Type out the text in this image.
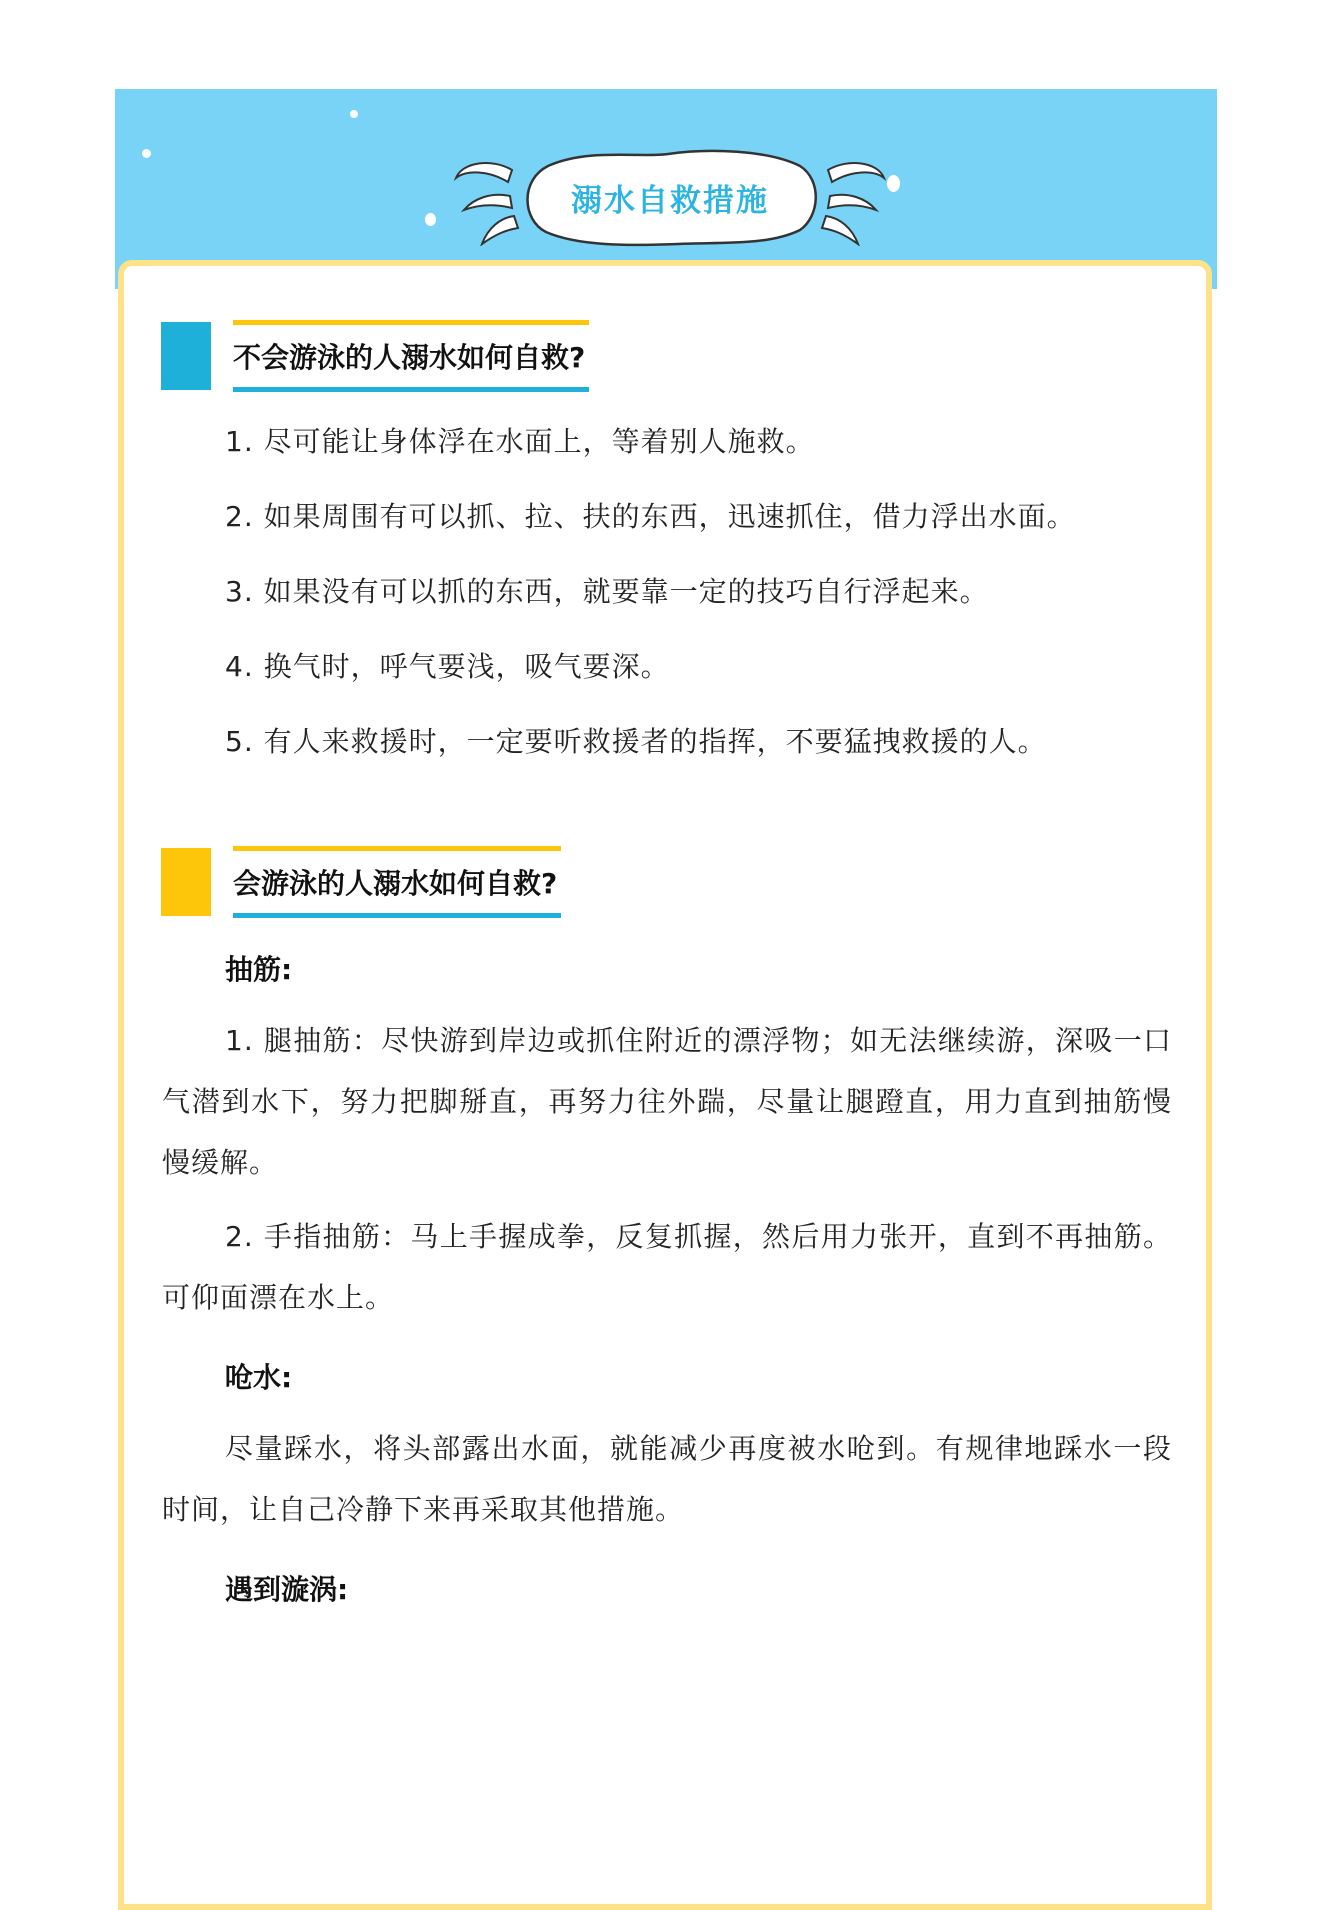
溺水自救措施
不会游泳的人溺水如何自救?
1. 尽可能让身体浮在水面上，等着别人施救。
2. 如果周围有可以抓、拉、扶的东西，迅速抓住，借力浮出水面。
3. 如果没有可以抓的东西，就要靠一定的技巧自行浮起来。
4. 换气时，呼气要浅，吸气要深。
5. 有人来救援时，一定要听救援者的指挥，不要猛拽救援的人。
会游泳的人溺水如何自救?
抽筋:
1. 腿抽筋：尽快游到岸边或抓住附近的漂浮物；如无法继续游，深吸一口气潜到水下，努力把脚掰直，再努力往外踹，尽量让腿蹬直，用力直到抽筋慢慢缓解。
2. 手指抽筋：马上手握成拳，反复抓握，然后用力张开，直到不再抽筋。可仰面漂在水上。
呛水:
尽量踩水，将头部露出水面，就能减少再度被水呛到。有规律地踩水一段时间，让自己冷静下来再采取其他措施。
遇到漩涡:
